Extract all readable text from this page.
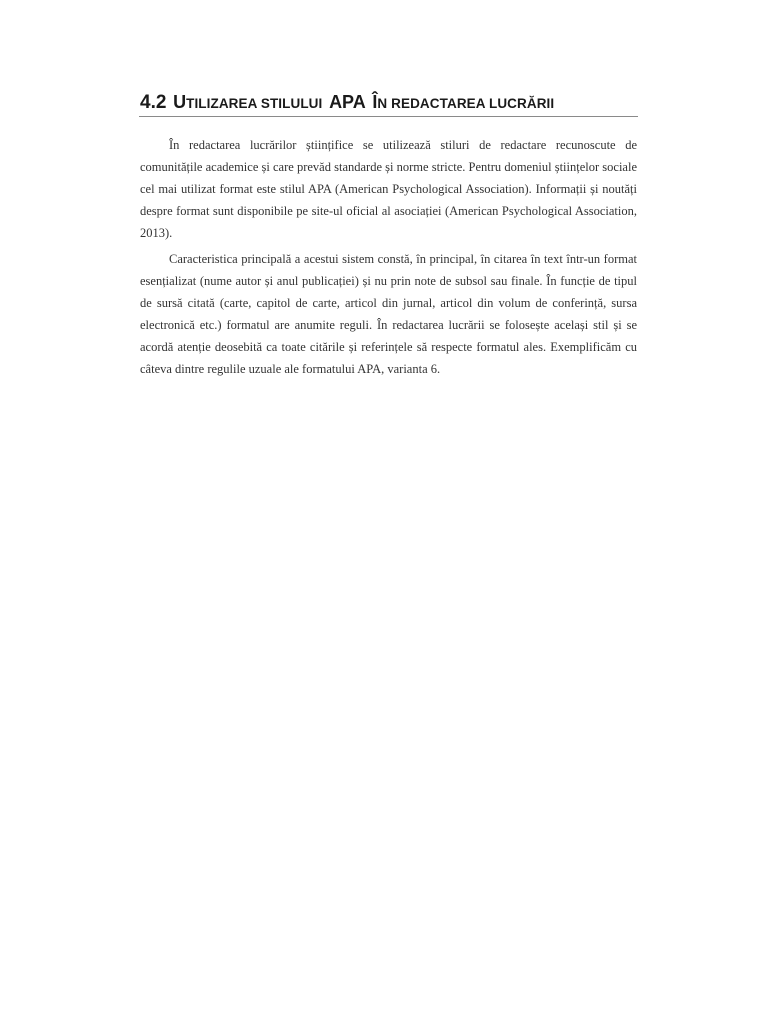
4.2 UTILIZAREA STILULUI APA ÎN REDACTAREA LUCRĂRII

În redactarea lucrărilor științifice se utilizează stiluri de redactare recunoscute de comunitățile academice și care prevăd standarde și norme stricte. Pentru domeniul științelor sociale cel mai utilizat format este stilul APA (American Psychological Association). Informații și noutăți despre format sunt disponibile pe site-ul oficial al asociației (American Psychological Association, 2013).

Caracteristica principală a acestui sistem constă, în principal, în citarea în text într-un format esențializat (nume autor și anul publicației) și nu prin note de subsol sau finale. În funcție de tipul de sursă citată (carte, capitol de carte, articol din jurnal, articol din volum de conferință, sursa electronică etc.) formatul are anumite reguli. În redactarea lucrării se folosește același stil și se acordă atenție deosebită ca toate citările și referințele să respecte formatul ales. Exemplificăm cu câteva dintre regulile uzuale ale formatului APA, varianta 6.
